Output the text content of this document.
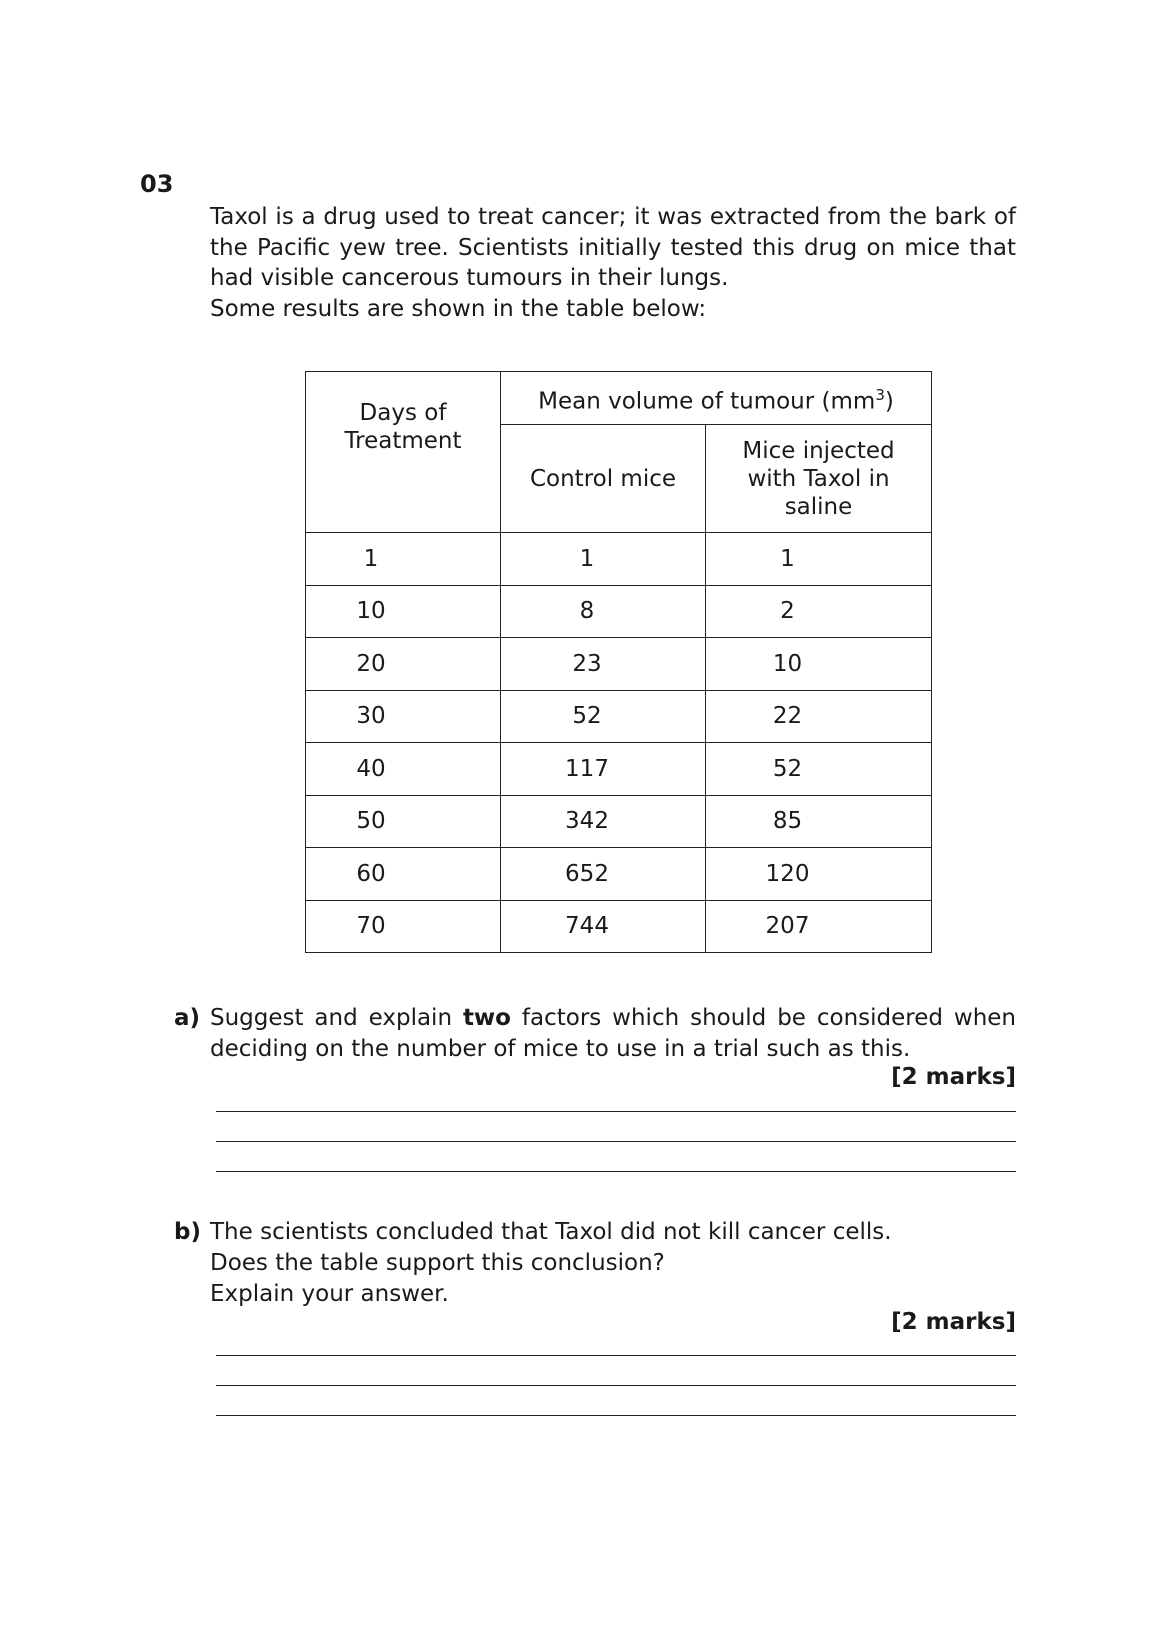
03

Taxol is a drug used to treat cancer; it was extracted from the bark of the Pacific yew tree. Scientists initially tested this drug on mice that had visible cancerous tumours in their lungs.

Some results are shown in the table below:

Days of Treatment	Mean volume of tumour $(mm^3)$	
	Control mice	Mice injected with Taxol in saline
1	1	1
10	8	2
20	23	10
30	52	22
40	117	52
50	342	85
60	652	120
70	744	207
a) Suggest and explain two factors which should be considered when deciding on the number of mice to use in a trial such as this.

[2 marks]
b) The scientists concluded that Taxol did not kill cancer cells.

Does the table support this conclusion?

Explain your answer.

[2 marks]
